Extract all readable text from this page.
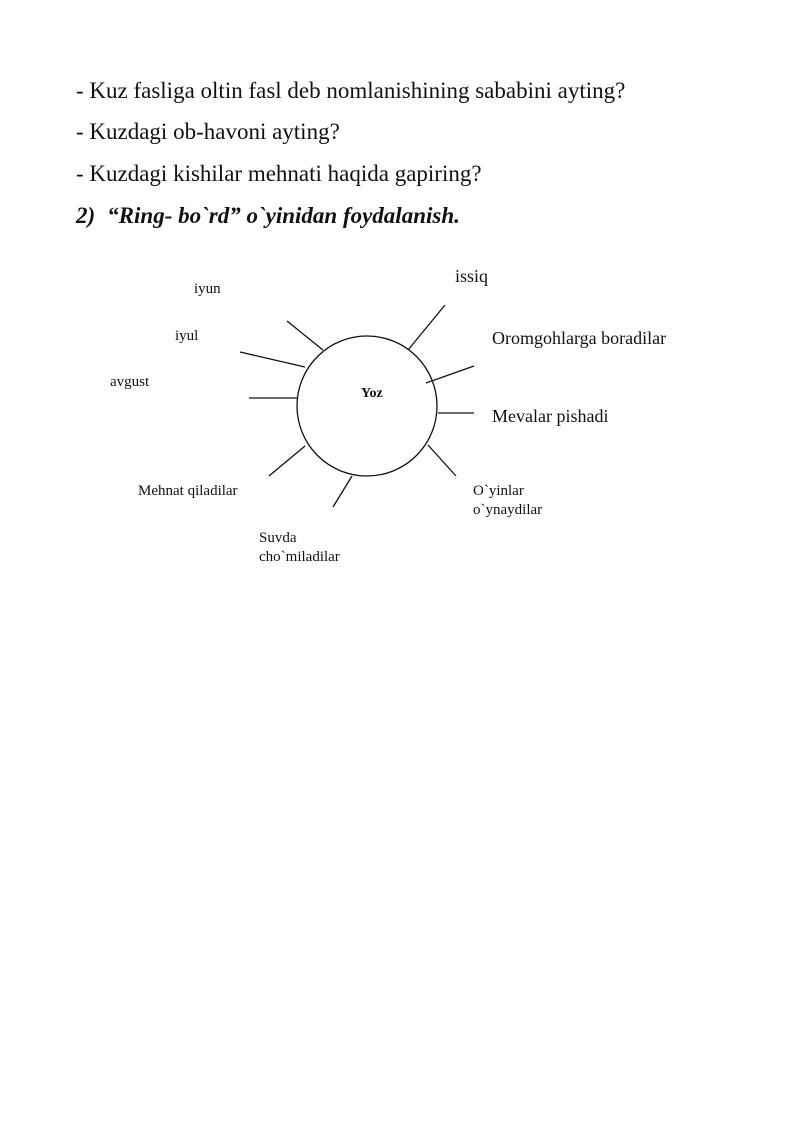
- Kuz fasliga oltin fasl deb nomlanishining sababini ayting?

- Kuzdagi ob-havoni ayting?

- Kuzdagi kishilar mehnati haqida gapiring?

2) “Ring- bo`rd” o`yinidan foydalanish.

Yoz
iyun
iyul
avgust
Mehnat qiladilar
Suvda
cho`miladilar
issiq
Oromgohlarga boradilar
Mevalar pishadi
O`yinlar
o`ynaydilar
